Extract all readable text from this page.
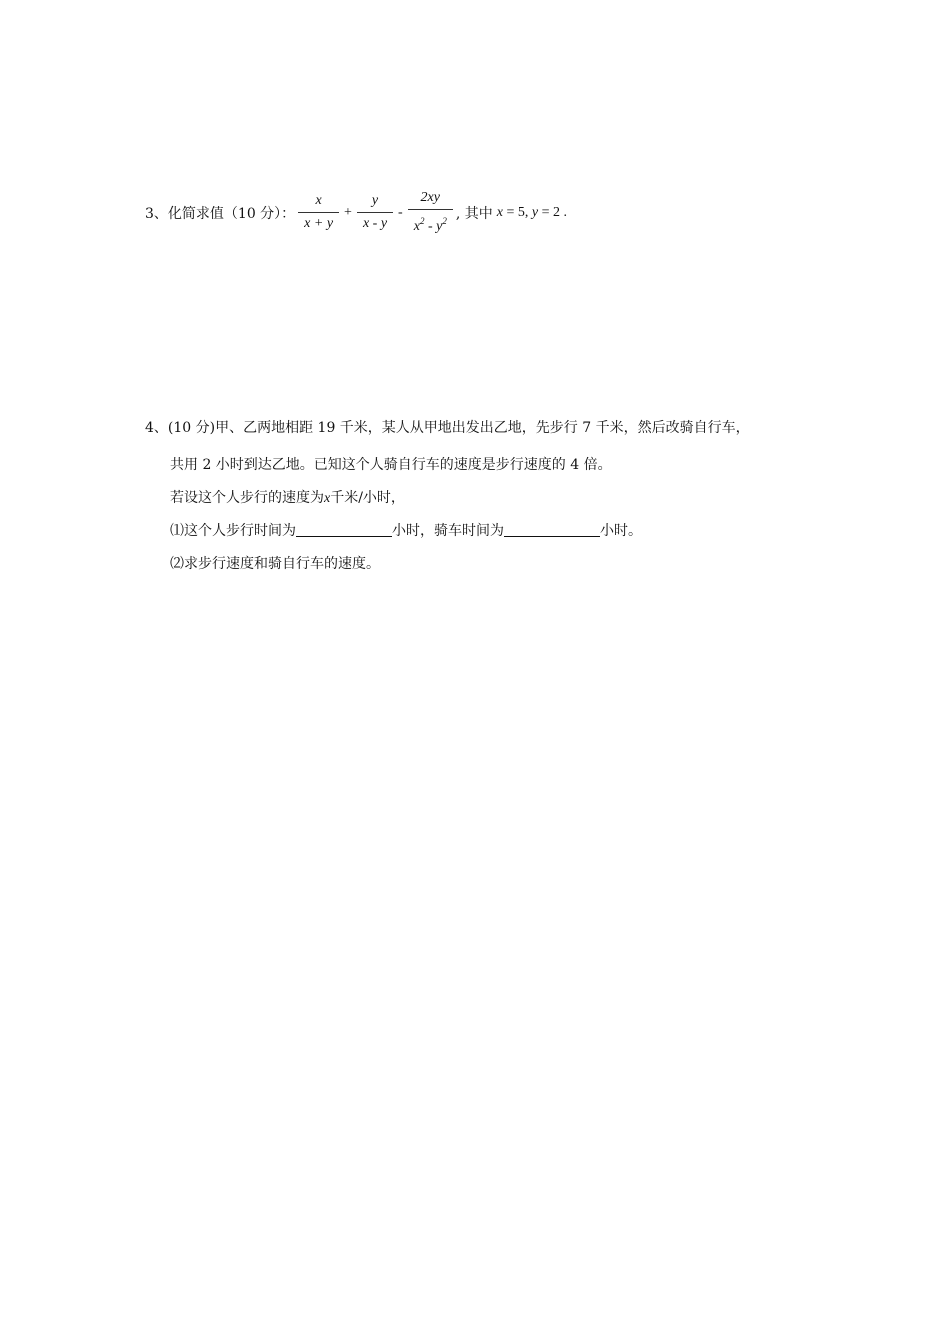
3、化简求值（10 分）： $\frac{x}{x + y} + \frac{y}{x - y} - \frac{2xy}{x^2 - y^2}$ , 其中 x = 5, y = 2 .
4、(10 分)甲、乙两地相距 19 千米，某人从甲地出发出乙地，先步行 7 千米，然后改骑自行车，
共用 2 小时到达乙地。已知这个人骑自行车的速度是步行速度的 4 倍。
若设这个人步行的速度为x千米/小时，
⑴这个人步行时间为	小时，骑车时间为	小时。
⑵求步行速度和骑自行车的速度。
